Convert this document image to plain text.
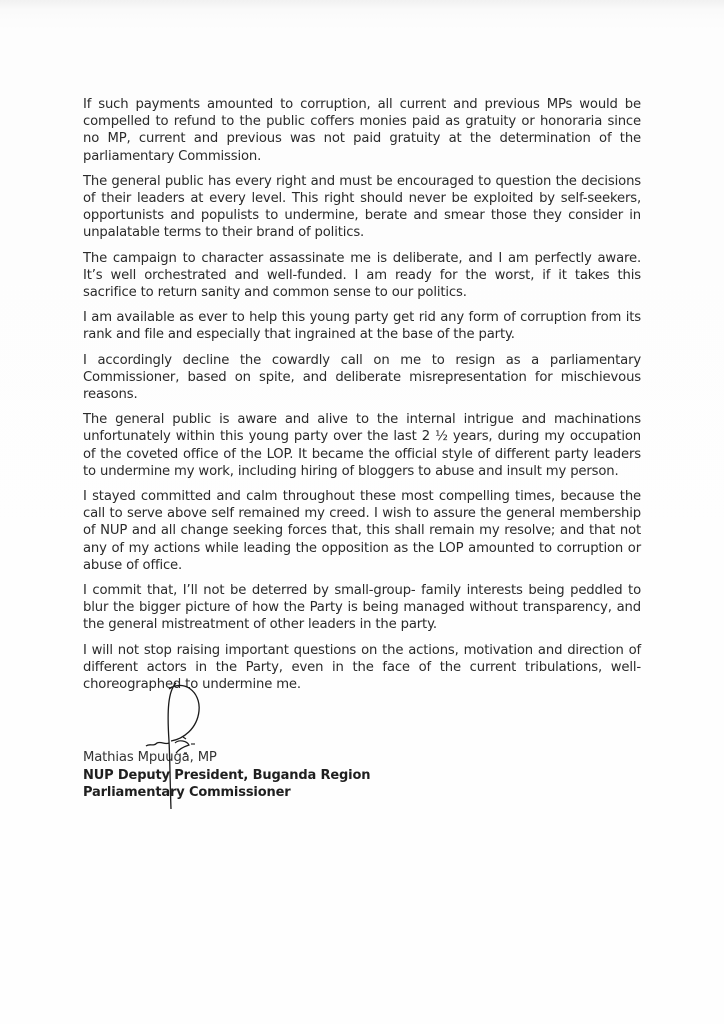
If such payments amounted to corruption, all current and previous MPs would be compelled to refund to the public coffers monies paid as gratuity or honoraria since no MP, current and previous was not paid gratuity at the determination of the parliamentary Commission.

The general public has every right and must be encouraged to question the decisions of their leaders at every level. This right should never be exploited by self-seekers, opportunists and populists to undermine, berate and smear those they consider in unpalatable terms to their brand of politics.

The campaign to character assassinate me is deliberate, and I am perfectly aware. It’s well orchestrated and well-funded. I am ready for the worst, if it takes this sacrifice to return sanity and common sense to our politics.

I am available as ever to help this young party get rid any form of corruption from its rank and file and especially that ingrained at the base of the party.

I accordingly decline the cowardly call on me to resign as a parliamentary Commissioner, based on spite, and deliberate misrepresentation for mischievous reasons.

The general public is aware and alive to the internal intrigue and machinations unfortunately within this young party over the last 2 ½ years, during my occupation of the coveted office of the LOP. It became the official style of different party leaders to undermine my work, including hiring of bloggers to abuse and insult my person.

I stayed committed and calm throughout these most compelling times, because the call to serve above self remained my creed. I wish to assure the general membership of NUP and all change seeking forces that, this shall remain my resolve; and that not any of my actions while leading the opposition as the LOP amounted to corruption or abuse of office.

I commit that, I’ll not be deterred by small-group- family interests being peddled to blur the bigger picture of how the Party is being managed without transparency, and the general mistreatment of other leaders in the party.

I will not stop raising important questions on the actions, motivation and direction of different actors in the Party, even in the face of the current tribulations, well-choreographed to undermine me.

Mathias Mpuuga, MP

NUP Deputy President, Buganda Region

Parliamentary Commissioner
